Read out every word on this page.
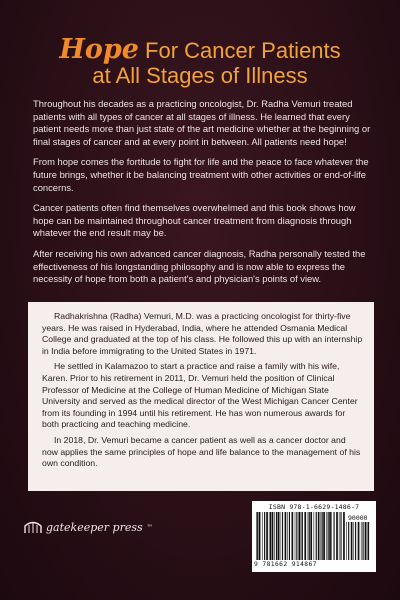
Hope For Cancer Patients
at All Stages of Illness

Throughout his decades as a practicing oncologist, Dr. Radha Vemuri treated patients with all types of cancer at all stages of illness. He learned that every patient needs more than just state of the art medicine whether at the beginning or final stages of cancer and at every point in between. All patients need hope!

From hope comes the fortitude to fight for life and the peace to face whatever the future brings, whether it be balancing treatment with other activities or end-of-life concerns.

Cancer patients often find themselves overwhelmed and this book shows how hope can be maintained throughout cancer treatment from diagnosis through whatever the end result may be.

After receiving his own advanced cancer diagnosis, Radha personally tested the effectiveness of his longstanding philosophy and is now able to express the necessity of hope from both a patient's and physician's points of view.

Radhakrishna (Radha) Vemuri, M.D. was a practicing oncologist for thirty-five years. He was raised in Hyderabad, India, where he attended Osmania Medical College and graduated at the top of his class. He followed this up with an internship in India before immigrating to the United States in 1971.

He settled in Kalamazoo to start a practice and raise a family with his wife, Karen. Prior to his retirement in 2011, Dr. Vemuri held the position of Clinical Professor of Medicine at the College of Human Medicine of Michigan State University and served as the medical director of the West Michigan Cancer Center from its founding in 1994 until his retirement. He has won numerous awards for both practicing and teaching medicine.

In 2018, Dr. Vemuri became a cancer patient as well as a cancer doctor and now applies the same principles of hope and life balance to the management of his own condition.

gatekeeper press ™
ISBN 978-1-6629-1486-7
90000
9 781662 914867
